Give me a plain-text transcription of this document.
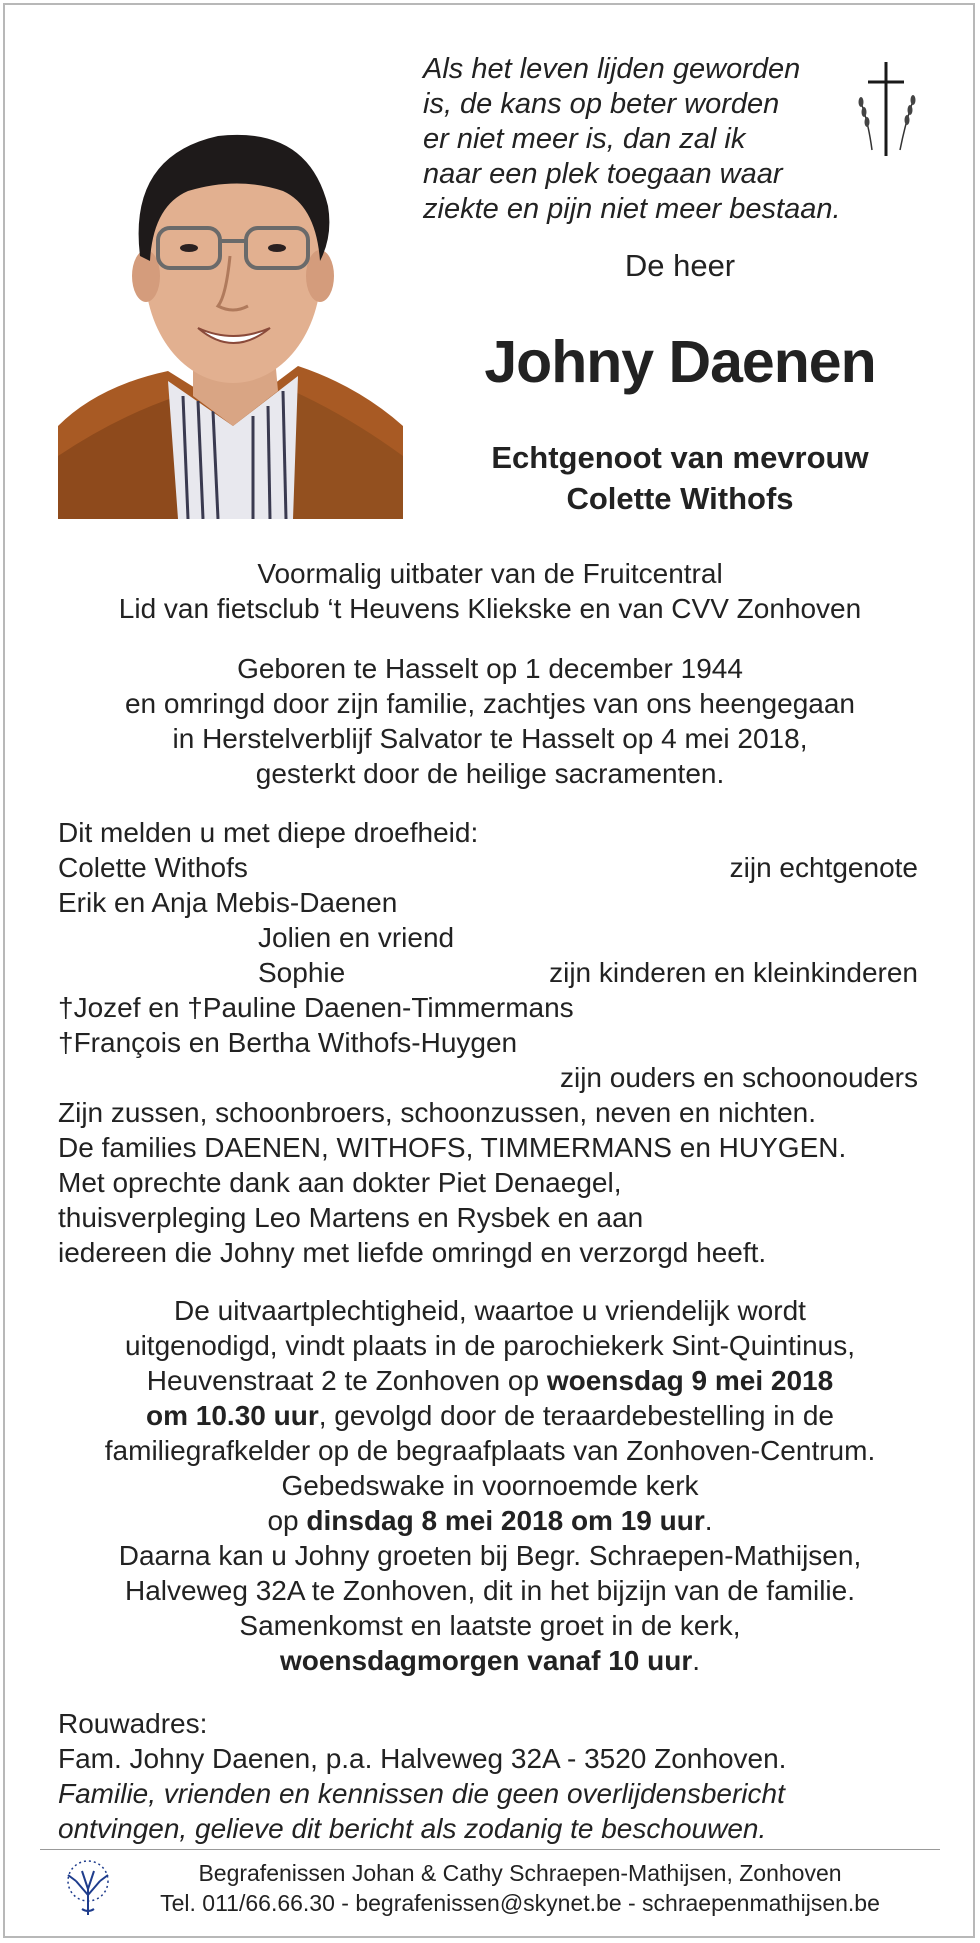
Als het leven lijden geworden
is, de kans op beter worden
er niet meer is, dan zal ik
naar een plek toegaan waar
ziekte en pijn niet meer bestaan.
De heer
Johny Daenen
Echtgenoot van mevrouw
Colette Withofs
Voormalig uitbater van de Fruitcentral
Lid van fietsclub ‘t Heuvens Kliekske en van CVV Zonhoven
Geboren te Hasselt op 1 december 1944
en omringd door zijn familie, zachtjes van ons heengegaan
in Herstelverblijf Salvator te Hasselt op 4 mei 2018,
gesterkt door de heilige sacramenten.
Dit melden u met diepe droefheid:
Colette Withofs	zijn echtgenote
Erik en Anja Mebis-Daenen
Jolien en vriend
Sophie	zijn kinderen en kleinkinderen
†Jozef en †Pauline Daenen-Timmermans
†François en Bertha Withofs-Huygen
zijn ouders en schoonouders
Zijn zussen, schoonbroers, schoonzussen, neven en nichten.
De families DAENEN, WITHOFS, TIMMERMANS en HUYGEN.
Met oprechte dank aan dokter Piet Denaegel,
thuisverpleging Leo Martens en Rysbek en aan
iedereen die Johny met liefde omringd en verzorgd heeft.
De uitvaartplechtigheid, waartoe u vriendelijk wordt
uitgenodigd, vindt plaats in de parochiekerk Sint-Quintinus,
Heuvenstraat 2 te Zonhoven op woensdag 9 mei 2018
om 10.30 uur, gevolgd door de teraardebestelling in de
familiegrafkelder op de begraafplaats van Zonhoven-Centrum.
Gebedswake in voornoemde kerk
op dinsdag 8 mei 2018 om 19 uur.
Daarna kan u Johny groeten bij Begr. Schraepen-Mathijsen,
Halveweg 32A te Zonhoven, dit in het bijzijn van de familie.
Samenkomst en laatste groet in de kerk,
woensdagmorgen vanaf 10 uur.
Rouwadres:
Fam. Johny Daenen, p.a. Halveweg 32A - 3520 Zonhoven.
Familie, vrienden en kennissen die geen overlijdensbericht
ontvingen, gelieve dit bericht als zodanig te beschouwen.
Begrafenissen Johan & Cathy Schraepen-Mathijsen, Zonhoven
Tel. 011/66.66.30 - begrafenissen@skynet.be - schraepenmathijsen.be
